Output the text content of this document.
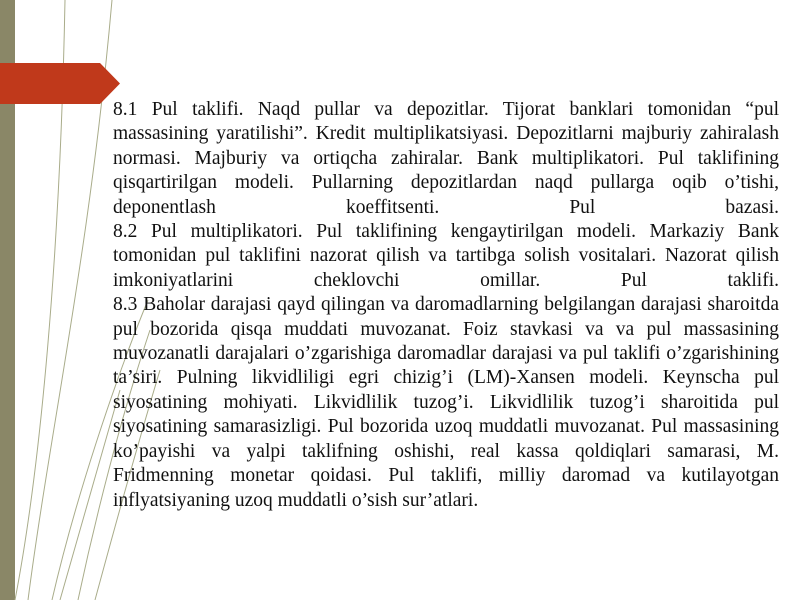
8.1 Pul taklifi. Naqd pullar va depozitlar. Tijorat banklari tomonidan “pul massasining yaratilishi”. Kredit multiplikatsiyasi. Depozitlarni majburiy zahiralash normasi. Majburiy va ortiqcha zahiralar. Bank multiplikatori. Pul taklifining qisqartirilgan modeli. Pullarning depozitlardan naqd pullarga oqib o’tishi, deponentlash koeffitsenti. Pul bazasi.

8.2 Pul multiplikatori. Pul taklifining kengaytirilgan modeli. Markaziy Bank tomonidan pul taklifini nazorat qilish va tartibga solish vositalari. Nazorat qilish imkoniyatlarini cheklovchi omillar. Pul taklifi.

8.3 Baholar darajasi qayd qilingan va daromadlarning belgilangan darajasi sharoitda pul bozorida qisqa muddati muvozanat. Foiz stavkasi va va pul massasining muvozanatli darajalari o’zgarishiga daromadlar darajasi va pul taklifi o’zgarishining ta’siri. Pulning likvidliligi egri chizig’i (LM)-Xansen modeli. Keynscha pul siyosatining mohiyati. Likvidlilik tuzog’i. Likvidlilik tuzog’i sharoitida pul siyosatining samarasizligi. Pul bozorida uzoq muddatli muvozanat. Pul massasining ko’payishi va yalpi taklifning oshishi, real kassa qoldiqlari samarasi, M. Fridmenning monetar qoidasi. Pul taklifi, milliy daromad va kutilayotgan inflyatsiyaning uzoq muddatli o’sish sur’atlari.
